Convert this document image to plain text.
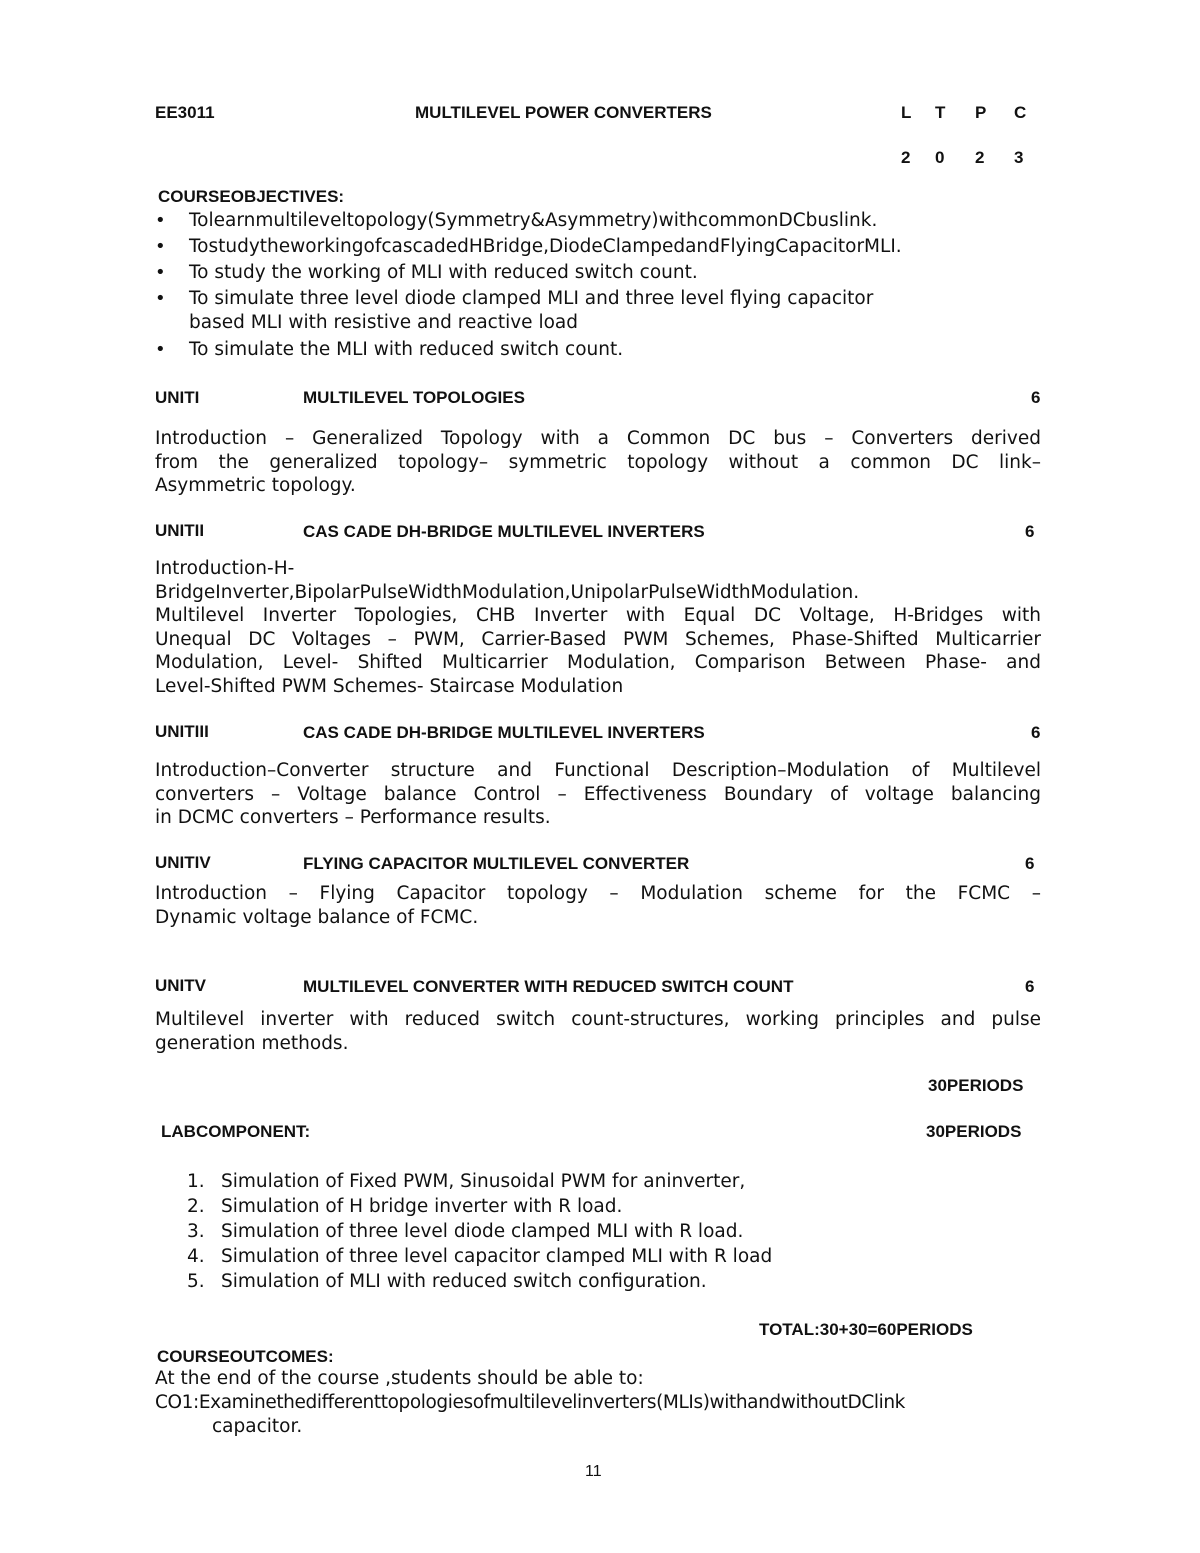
EE3011	MULTILEVEL POWER CONVERTERS	L T P C
2 0 2 3
COURSEOBJECTIVES:
• Tolearnmultileveltopology(Symmetry&Asymmetry)withcommonDCbuslink.
• TostudytheworkingofcascadedHBridge,DiodeClampedandFlyingCapacitorMLI.
• To study the working of MLI with reduced switch count.
• To simulate three level diode clamped MLI and three level flying capacitor
based MLI with resistive and reactive load
• To simulate the MLI with reduced switch count.
UNITI	MULTILEVEL TOPOLOGIES	6
Introduction – Generalized Topology with a Common DC bus – Converters derived
from the generalized topology– symmetric topology without a common DC link–
Asymmetric topology.
UNITII	CAS CADE DH-BRIDGE MULTILEVEL INVERTERS	6
Introduction-H-
BridgeInverter,BipolarPulseWidthModulation,UnipolarPulseWidthModulation.
Multilevel Inverter Topologies, CHB Inverter with Equal DC Voltage, H-Bridges with
Unequal DC Voltages – PWM, Carrier-Based PWM Schemes, Phase-Shifted Multicarrier
Modulation, Level- Shifted Multicarrier Modulation, Comparison Between Phase- and
Level-Shifted PWM Schemes- Staircase Modulation
UNITIII	CAS CADE DH-BRIDGE MULTILEVEL INVERTERS	6
Introduction–Converter structure and Functional Description–Modulation of Multilevel
converters – Voltage balance Control – Effectiveness Boundary of voltage balancing
in DCMC converters – Performance results.
UNITIV	FLYING CAPACITOR MULTILEVEL CONVERTER	6
Introduction – Flying Capacitor topology – Modulation scheme for the FCMC –
Dynamic voltage balance of FCMC.
UNITV	MULTILEVEL CONVERTER WITH REDUCED SWITCH COUNT	6
Multilevel inverter with reduced switch count-structures, working principles and pulse
generation methods.
30PERIODS
LABCOMPONENT:	30PERIODS
1. Simulation of Fixed PWM, Sinusoidal PWM for aninverter,
2. Simulation of H bridge inverter with R load.
3. Simulation of three level diode clamped MLI with R load.
4. Simulation of three level capacitor clamped MLI with R load
5. Simulation of MLI with reduced switch configuration.
TOTAL:30+30=60PERIODS
COURSEOUTCOMES:
At the end of the course ,students should be able to:
CO1:Examinethedifferenttopologiesofmultilevelinverters(MLIs)withandwithoutDClink
capacitor.
11
